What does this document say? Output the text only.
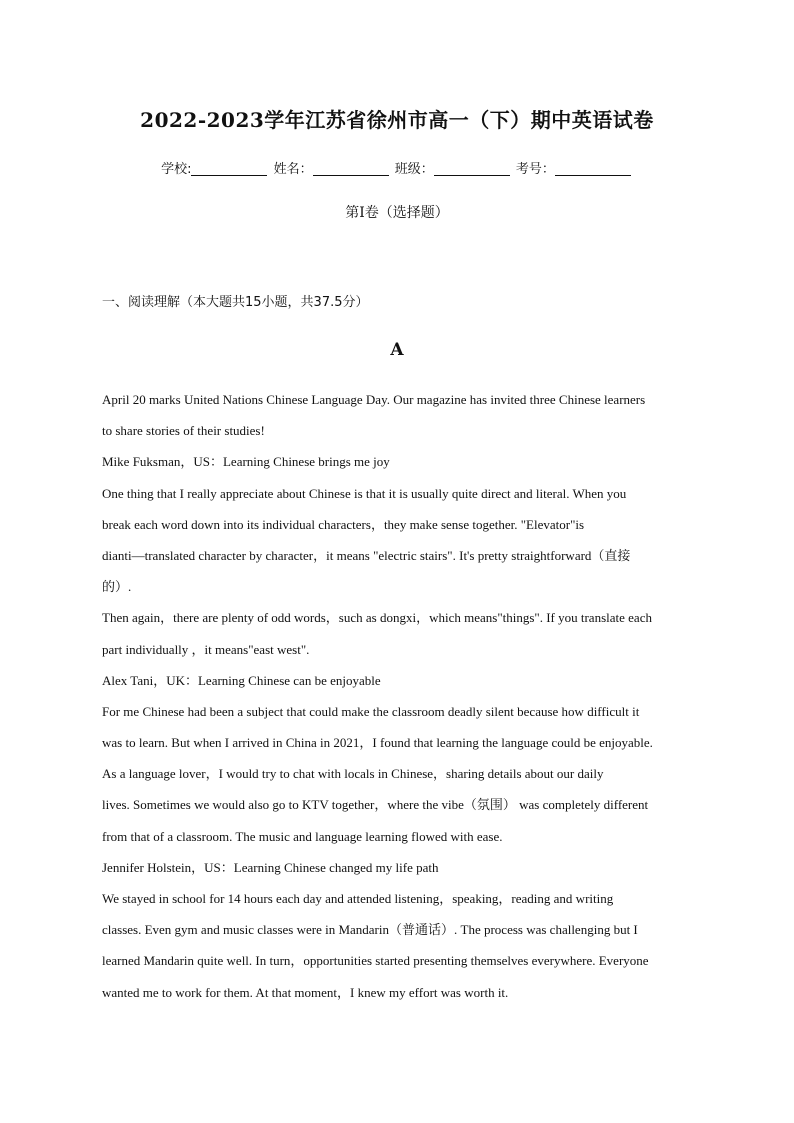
2022-2023学年江苏省徐州市高一（下）期中英语试卷
学校:	姓名：	班级：	考号：
第I卷（选择题）
一、阅读理解（本大题共15小题，共37.5分）
A
April 20 marks United Nations Chinese Language Day. Our magazine has invited three Chinese learners
to share stories of their studies!
Mike Fuksman，US：Learning Chinese brings me joy
One thing that I really appreciate about Chinese is that it is usually quite direct and literal. When you
break each word down into its individual characters，they make sense together. "Elevator"is
dianti—translated character by character，it means "electric stairs". It's pretty straightforward（直接
的）.
Then again，there are plenty of odd words，such as dongxi，which means"things". If you translate each
part individually ，it means"east west".
Alex Tani，UK：Learning Chinese can be enjoyable
For me Chinese had been a subject that could make the classroom deadly silent because how difficult it
was to learn. But when I arrived in China in 2021，I found that learning the language could be enjoyable.
As a language lover，I would try to chat with locals in Chinese，sharing details about our daily
lives. Sometimes we would also go to KTV together，where the vibe（氛围） was completely different
from that of a classroom. The music and language learning flowed with ease.
Jennifer Holstein，US：Learning Chinese changed my life path
We stayed in school for 14 hours each day and attended listening，speaking，reading and writing
classes. Even gym and music classes were in Mandarin（普通话）. The process was challenging but I
learned Mandarin quite well. In turn，opportunities started presenting themselves everywhere. Everyone
wanted me to work for them. At that moment，I knew my effort was worth it.
